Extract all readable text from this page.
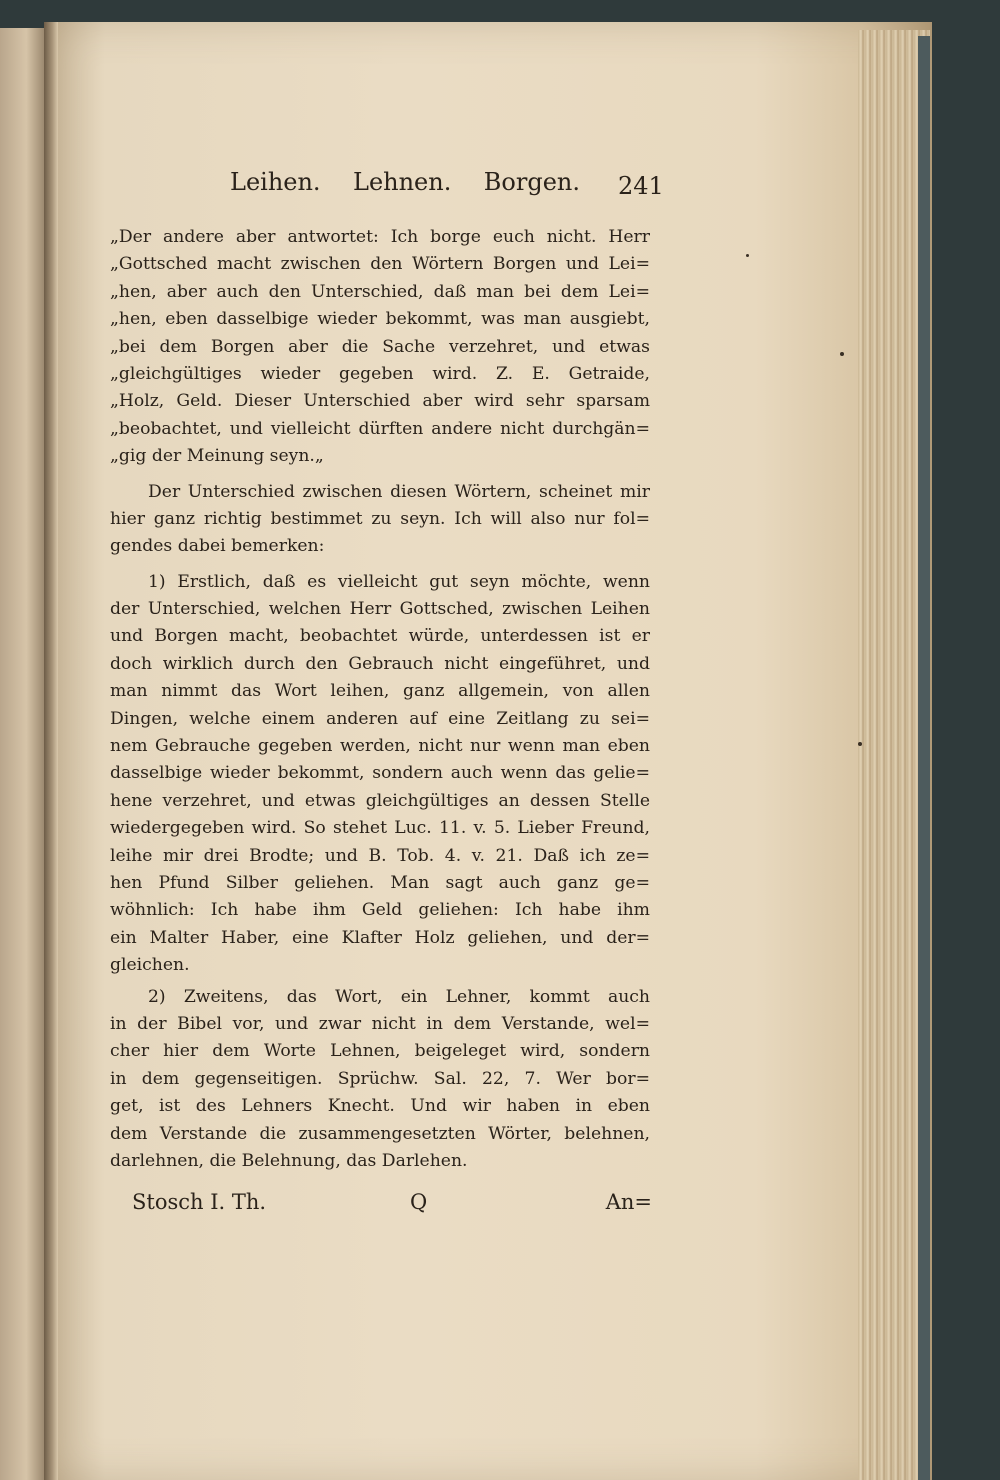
Leihen. Lehnen. Borgen. 241
„Der andere aber antwortet: Ich borge euch nicht. Herr
„Gottsched macht zwischen den Wörtern Borgen und Lei=
„hen, aber auch den Unterschied, daß man bei dem Lei=
„hen, eben dasselbige wieder bekommt, was man ausgiebt,
„bei dem Borgen aber die Sache verzehret, und etwas
„gleichgültiges wieder gegeben wird. Z. E. Getraide,
„Holz, Geld. Dieser Unterschied aber wird sehr sparsam
„beobachtet, und vielleicht dürften andere nicht durchgän=
„gig der Meinung seyn.„
Der Unterschied zwischen diesen Wörtern, scheinet mir
hier ganz richtig bestimmet zu seyn. Ich will also nur fol=
gendes dabei bemerken:
1) Erstlich, daß es vielleicht gut seyn möchte, wenn
der Unterschied, welchen Herr Gottsched, zwischen Leihen
und Borgen macht, beobachtet würde, unterdessen ist er
doch wirklich durch den Gebrauch nicht eingeführet, und
man nimmt das Wort leihen, ganz allgemein, von allen
Dingen, welche einem anderen auf eine Zeitlang zu sei=
nem Gebrauche gegeben werden, nicht nur wenn man eben
dasselbige wieder bekommt, sondern auch wenn das gelie=
hene verzehret, und etwas gleichgültiges an dessen Stelle
wiedergegeben wird. So stehet Luc. 11. v. 5. Lieber Freund,
leihe mir drei Brodte; und B. Tob. 4. v. 21. Daß ich ze=
hen Pfund Silber geliehen. Man sagt auch ganz ge=
wöhnlich: Ich habe ihm Geld geliehen: Ich habe ihm
ein Malter Haber, eine Klafter Holz geliehen, und der=
gleichen.
2) Zweitens, das Wort, ein Lehner, kommt auch
in der Bibel vor, und zwar nicht in dem Verstande, wel=
cher hier dem Worte Lehnen, beigeleget wird, sondern
in dem gegenseitigen. Sprüchw. Sal. 22, 7. Wer bor=
get, ist des Lehners Knecht. Und wir haben in eben
dem Verstande die zusammengesetzten Wörter, belehnen,
darlehnen, die Belehnung, das Darlehen.
Stosch I. Th.	Q	An=
